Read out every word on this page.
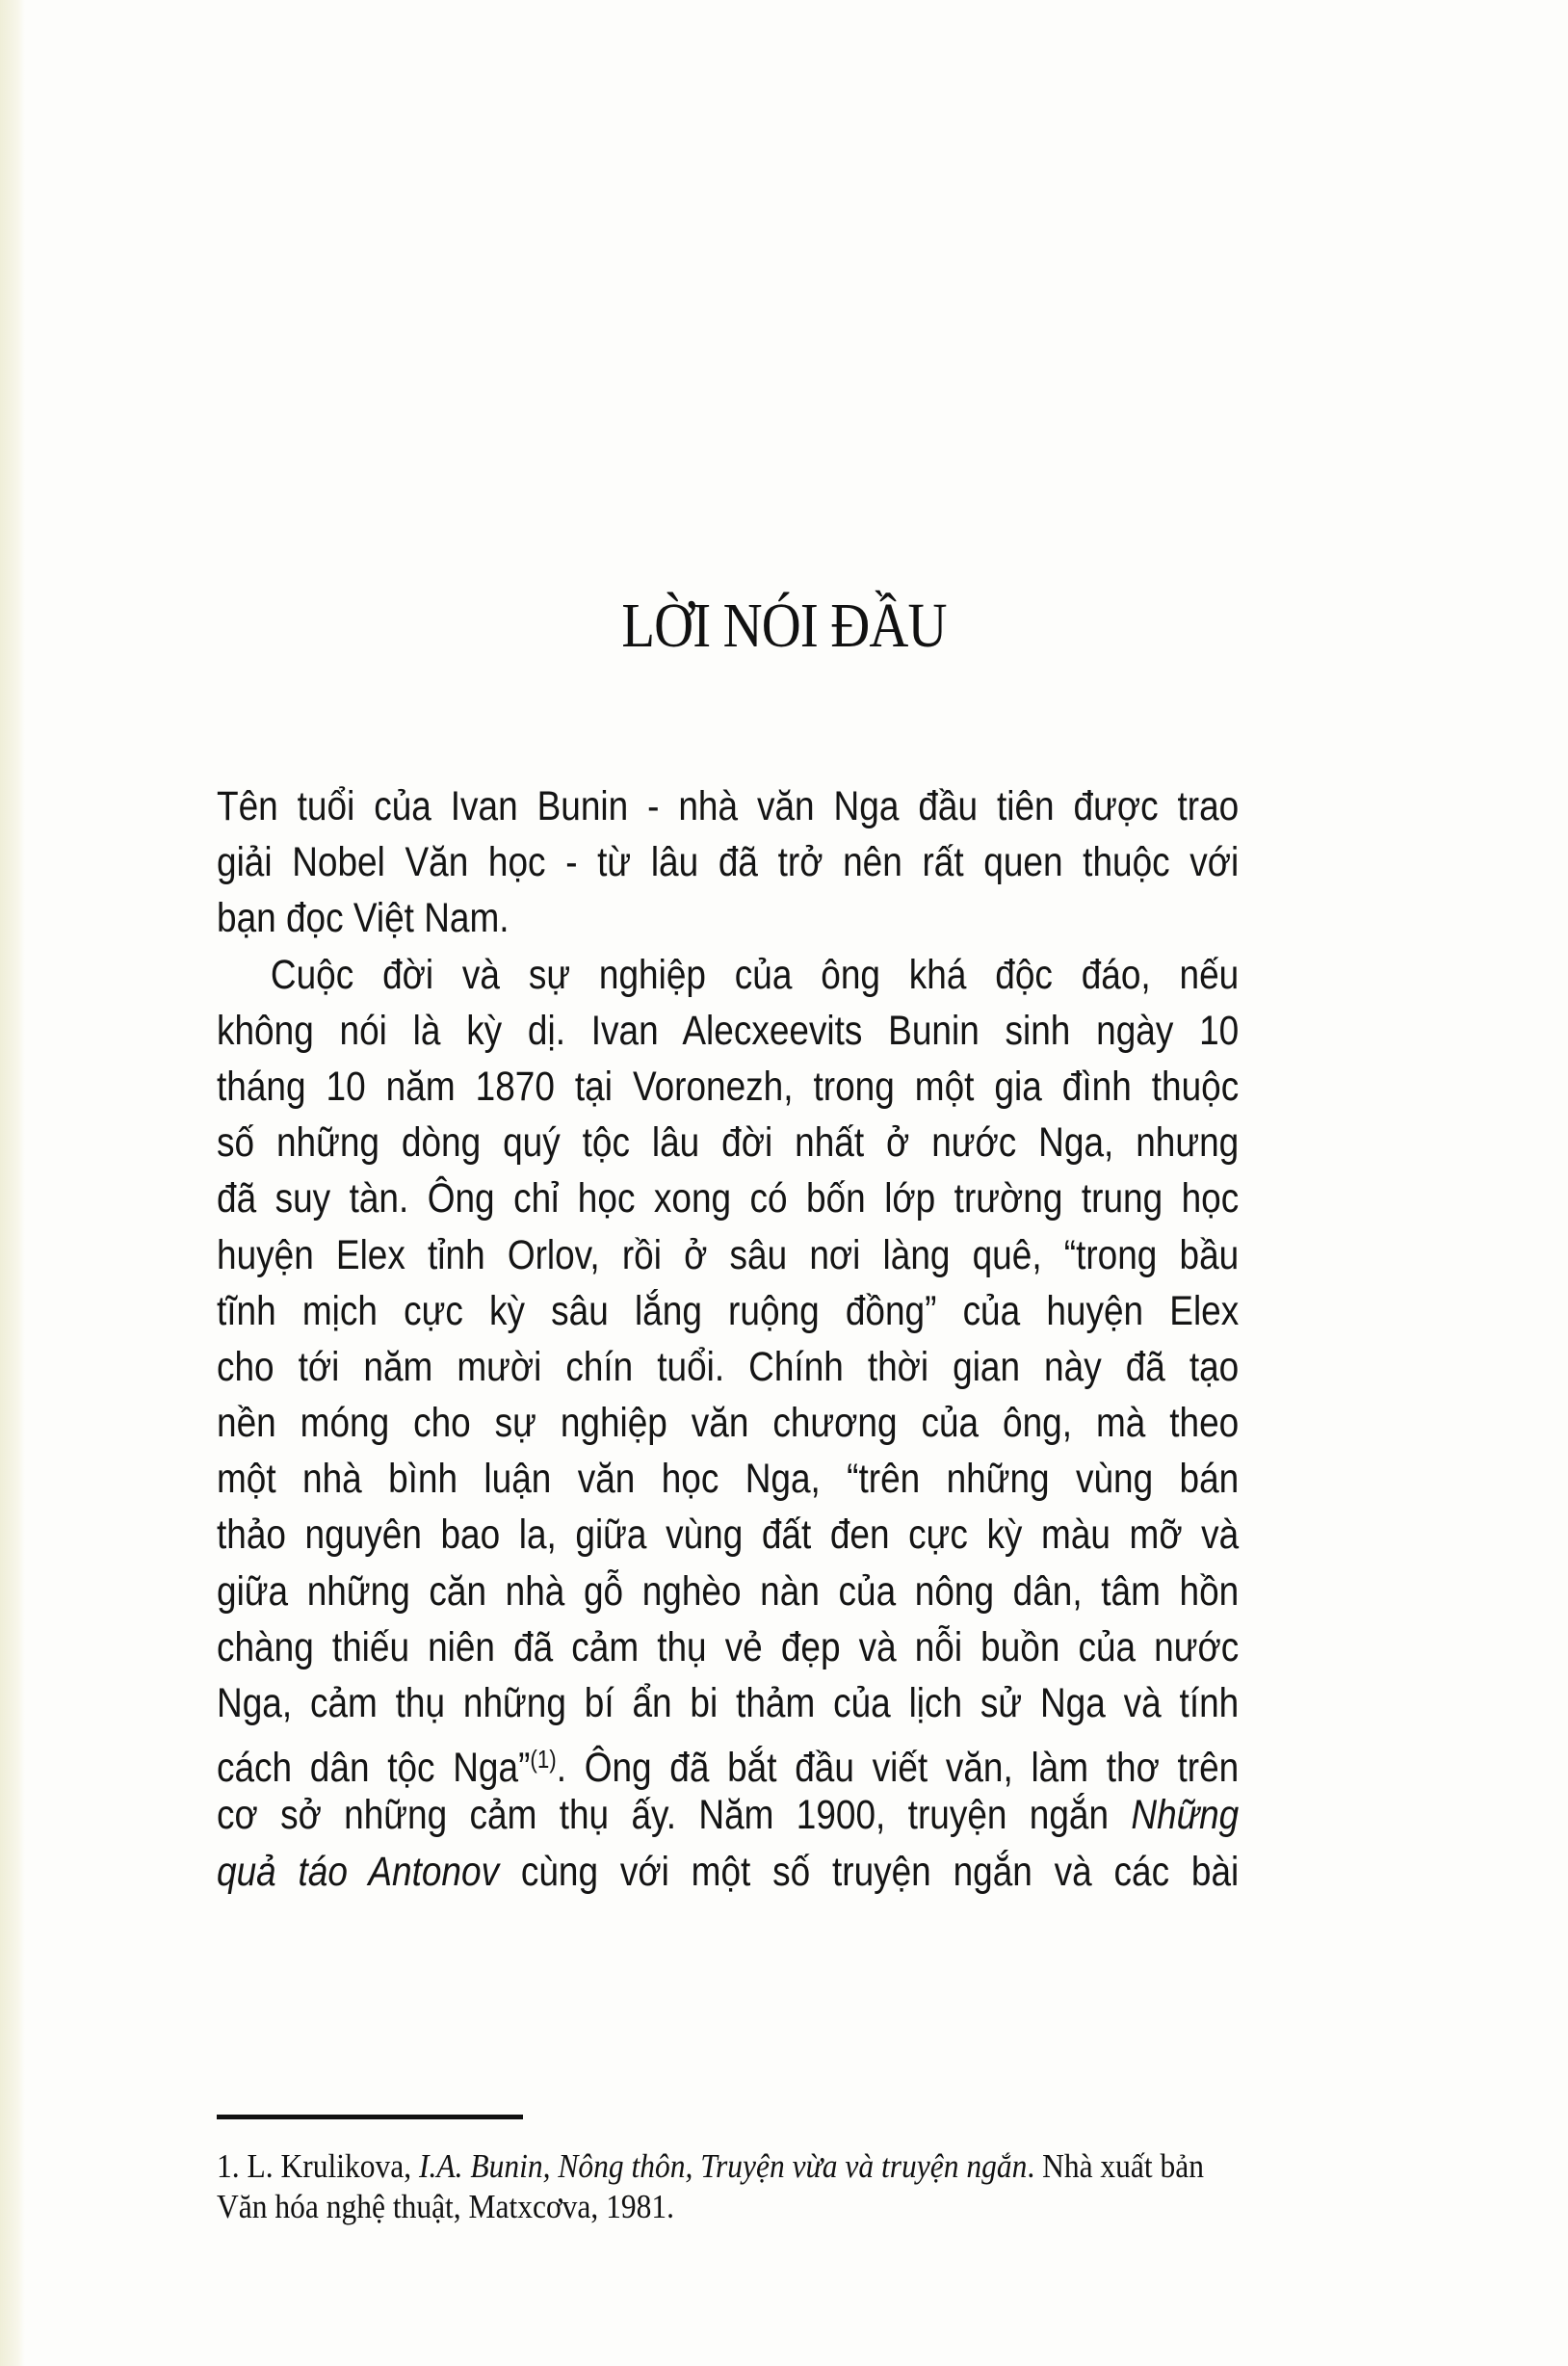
LỜI NÓI ĐẦU
Tên tuổi của Ivan Bunin - nhà văn Nga đầu tiên được trao
giải Nobel Văn học - từ lâu đã trở nên rất quen thuộc với
bạn đọc Việt Nam.
Cuộc đời và sự nghiệp của ông khá độc đáo, nếu
không nói là kỳ dị. Ivan Alecxeevits Bunin sinh ngày 10
tháng 10 năm 1870 tại Voronezh, trong một gia đình thuộc
số những dòng quý tộc lâu đời nhất ở nước Nga, nhưng
đã suy tàn. Ông chỉ học xong có bốn lớp trường trung học
huyện Elex tỉnh Orlov, rồi ở sâu nơi làng quê, “trong bầu
tĩnh mịch cực kỳ sâu lắng ruộng đồng” của huyện Elex
cho tới năm mười chín tuổi. Chính thời gian này đã tạo
nền móng cho sự nghiệp văn chương của ông, mà theo
một nhà bình luận văn học Nga, “trên những vùng bán
thảo nguyên bao la, giữa vùng đất đen cực kỳ màu mỡ và
giữa những căn nhà gỗ nghèo nàn của nông dân, tâm hồn
chàng thiếu niên đã cảm thụ vẻ đẹp và nỗi buồn của nước
Nga, cảm thụ những bí ẩn bi thảm của lịch sử Nga và tính
cách dân tộc Nga”$^{(1)}$. Ông đã bắt đầu viết văn, làm thơ trên
cơ sở những cảm thụ ấy. Năm 1900, truyện ngắn Những
quả táo Antonov cùng với một số truyện ngắn và các bài
1. L. Krulikova, I.A. Bunin, Nông thôn, Truyện vừa và truyện ngắn. Nhà xuất bản
Văn hóa nghệ thuật, Matxcơva, 1981.
